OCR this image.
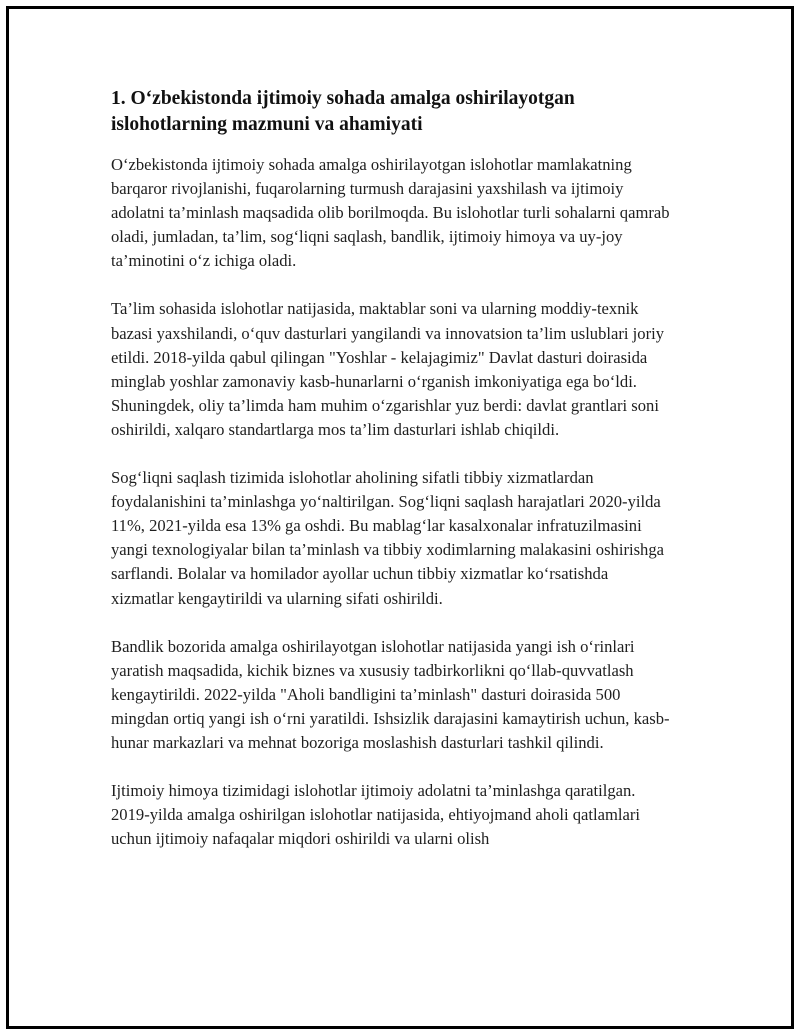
1. O‘zbekistonda ijtimoiy sohada amalga oshirilayotgan islohotlarning mazmuni va ahamiyati

O‘zbekistonda ijtimoiy sohada amalga oshirilayotgan islohotlar mamlakatning barqaror rivojlanishi, fuqarolarning turmush darajasini yaxshilash va ijtimoiy adolatni ta’minlash maqsadida olib borilmoqda. Bu islohotlar turli sohalarni qamrab oladi, jumladan, ta’lim, sog‘liqni saqlash, bandlik, ijtimoiy himoya va uy-joy ta’minotini o‘z ichiga oladi.

Ta’lim sohasida islohotlar natijasida, maktablar soni va ularning moddiy-texnik bazasi yaxshilandi, o‘quv dasturlari yangilandi va innovatsion ta’lim uslublari joriy etildi. 2018-yilda qabul qilingan "Yoshlar - kelajagimiz" Davlat dasturi doirasida minglab yoshlar zamonaviy kasb-hunarlarni o‘rganish imkoniyatiga ega bo‘ldi. Shuningdek, oliy ta’limda ham muhim o‘zgarishlar yuz berdi: davlat grantlari soni oshirildi, xalqaro standartlarga mos ta’lim dasturlari ishlab chiqildi.

Sog‘liqni saqlash tizimida islohotlar aholining sifatli tibbiy xizmatlardan foydalanishini ta’minlashga yo‘naltirilgan. Sog‘liqni saqlash harajatlari 2020-yilda 11%, 2021-yilda esa 13% ga oshdi. Bu mablag‘lar kasalxonalar infratuzilmasini yangi texnologiyalar bilan ta’minlash va tibbiy xodimlarning malakasini oshirishga sarflandi. Bolalar va homilador ayollar uchun tibbiy xizmatlar ko‘rsatishda xizmatlar kengaytirildi va ularning sifati oshirildi.

Bandlik bozorida amalga oshirilayotgan islohotlar natijasida yangi ish o‘rinlari yaratish maqsadida, kichik biznes va xususiy tadbirkorlikni qo‘llab-quvvatlash kengaytirildi. 2022-yilda "Aholi bandligini ta’minlash" dasturi doirasida 500 mingdan ortiq yangi ish o‘rni yaratildi. Ishsizlik darajasini kamaytirish uchun, kasb-hunar markazlari va mehnat bozoriga moslashish dasturlari tashkil qilindi.

Ijtimoiy himoya tizimidagi islohotlar ijtimoiy adolatni ta’minlashga qaratilgan. 2019-yilda amalga oshirilgan islohotlar natijasida, ehtiyojmand aholi qatlamlari uchun ijtimoiy nafaqalar miqdori oshirildi va ularni olish
